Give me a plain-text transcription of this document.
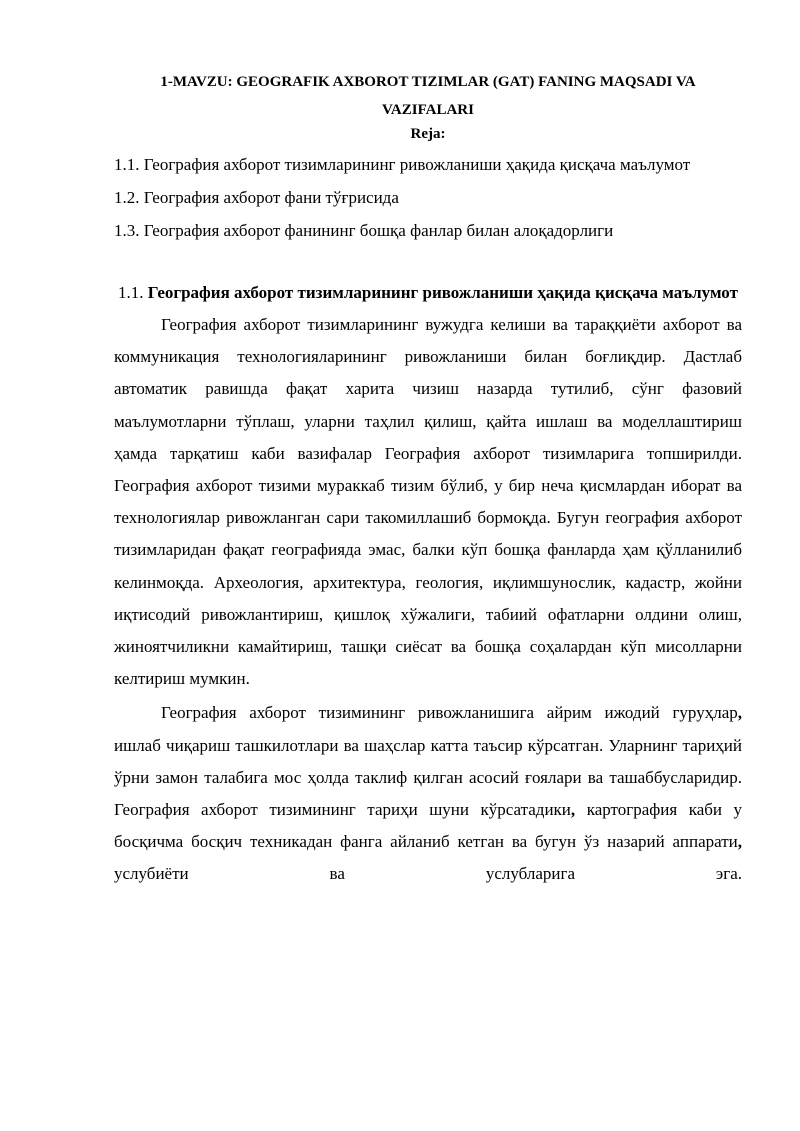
1-MAVZU: GEOGRAFIK AXBOROT TIZIMLAR (GAT) FANING MAQSADI VA VAZIFALARI

Reja:

1.1. География ахборот тизимларининг ривожланиши ҳақида қисқача маълумот

1.2. География ахборот фани тўғрисида

1.3. География ахборот фанининг бошқа фанлар билан алоқадорлиги

1.1. География ахборот тизимларининг ривожланиши ҳақида қисқача маълумот

География ахборот тизимларининг вужудга келиши ва тараққиёти ахборот ва коммуникация технологияларининг ривожланиши билан боғлиқдир. Дастлаб автоматик равишда фақат харита чизиш назарда тутилиб, сўнг фазовий маълумотларни тўплаш, уларни таҳлил қилиш, қайта ишлаш ва моделлаштириш ҳамда тарқатиш каби вазифалар География ахборот тизимларига топширилди. География ахборот тизими мураккаб тизим бўлиб, у бир неча қисмлардан иборат ва технологиялар ривожланган сари такомиллашиб бормоқда. Бугун география ахборот тизимларидан фақат географияда эмас, балки кўп бошқа фанларда ҳам қўлланилиб келинмоқда. Археология, архитектура, геология, иқлимшунослик, кадастр, жойни иқтисодий ривожлантириш, қишлоқ хўжалиги, табиий офатларни олдини олиш, жиноятчиликни камайтириш, ташқи сиёсат ва бошқа соҳалардан кўп мисолларни келтириш мумкин.

География ахборот тизимининг ривожланишига айрим ижодий гуруҳлар, ишлаб чиқариш ташкилотлари ва шаҳслар катта таъсир кўрсатган. Уларнинг тариҳий ўрни замон талабига мос ҳолда таклиф қилган асосий ғоялари ва ташаббусларидир. География ахборот тизимининг тариҳи шуни кўрсатадики, картография каби у босқичма босқич техникадан фанга айланиб кетган ва бугун ўз назарий аппарати, услубиёти ва услубларига эга.
